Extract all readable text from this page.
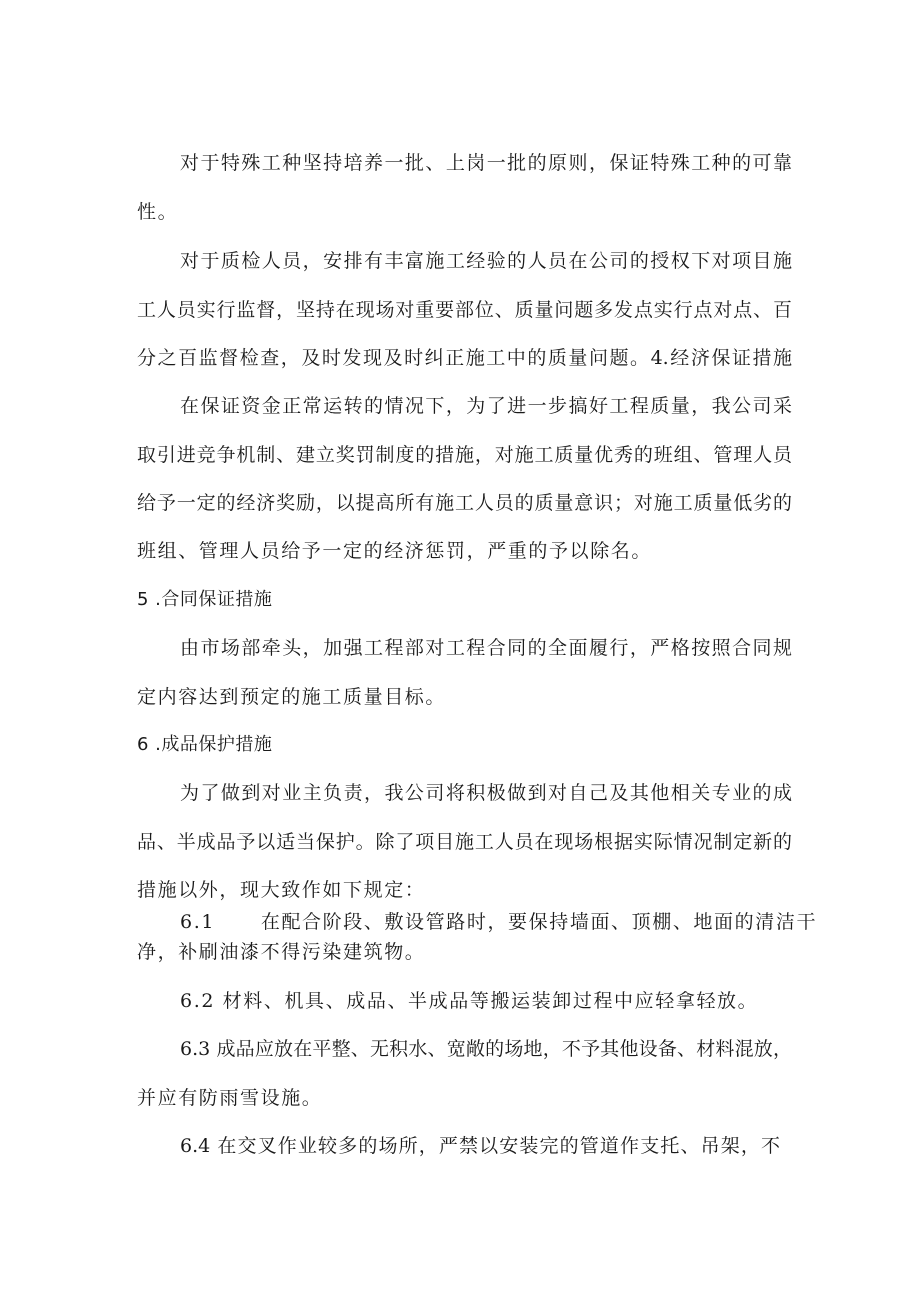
对于特殊工种坚持培养一批、上岗一批的原则，保证特殊工种的可靠
性。
对于质检人员，安排有丰富施工经验的人员在公司的授权下对项目施
工人员实行监督，坚持在现场对重要部位、质量问题多发点实行点对点、百
分之百监督检查，及时发现及时纠正施工中的质量问题。4.经济保证措施
在保证资金正常运转的情况下，为了进一步搞好工程质量，我公司采
取引进竞争机制、建立奖罚制度的措施，对施工质量优秀的班组、管理人员
给予一定的经济奖励，以提高所有施工人员的质量意识；对施工质量低劣的
班组、管理人员给予一定的经济惩罚，严重的予以除名。
5 .合同保证措施
由市场部牵头，加强工程部对工程合同的全面履行，严格按照合同规
定内容达到预定的施工质量目标。
6 .成品保护措施
为了做到对业主负责，我公司将积极做到对自己及其他相关专业的成
品、半成品予以适当保护。除了项目施工人员在现场根据实际情况制定新的
措施以外，现大致作如下规定：
6.1      在配合阶段、敷设管路时，要保持墙面、顶棚、地面的清洁干
净，补刷油漆不得污染建筑物。
6.2 材料、机具、成品、半成品等搬运装卸过程中应轻拿轻放。
6.3 成品应放在平整、无积水、宽敞的场地，不予其他设备、材料混放，
并应有防雨雪设施。
6.4 在交叉作业较多的场所，严禁以安装完的管道作支托、吊架，不
